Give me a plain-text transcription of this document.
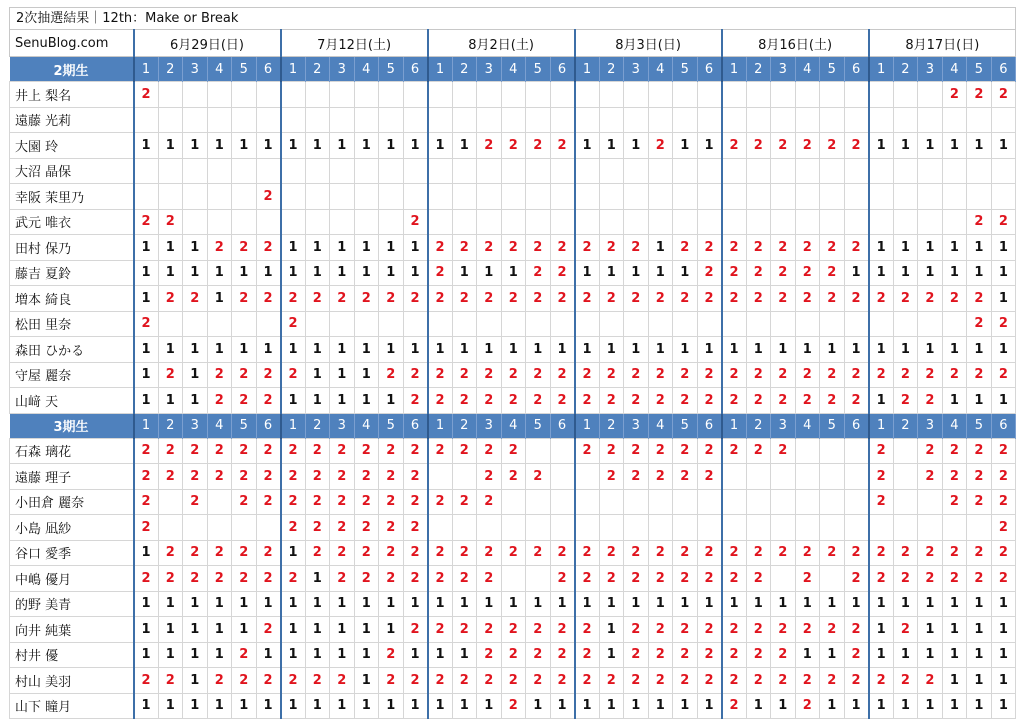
2次抽選結果｜12th：Make or Break
SenuBlog.com	6月29日(日)						7月12日(土)						8月2日(土)						8月3日(日)						8月16日(土)						8月17日(日)					
2期生	1	2	3	4	5	6	1	2	3	4	5	6	1	2	3	4	5	6	1	2	3	4	5	6	1	2	3	4	5	6	1	2	3	4	5	6
井上 梨名	2																																	2	2	2
遠藤 光莉																																				
大園 玲	1	1	1	1	1	1	1	1	1	1	1	1	1	1	2	2	2	2	1	1	1	2	1	1	2	2	2	2	2	2	1	1	1	1	1	1
大沼 晶保																																				
幸阪 茉里乃						2																														
武元 唯衣	2	2										2																							2	2
田村 保乃	1	1	1	2	2	2	1	1	1	1	1	1	2	2	2	2	2	2	2	2	2	1	2	2	2	2	2	2	2	2	1	1	1	1	1	1
藤吉 夏鈴	1	1	1	1	1	1	1	1	1	1	1	1	2	1	1	1	2	2	1	1	1	1	1	2	2	2	2	2	2	1	1	1	1	1	1	1
増本 綺良	1	2	2	1	2	2	2	2	2	2	2	2	2	2	2	2	2	2	2	2	2	2	2	2	2	2	2	2	2	2	2	2	2	2	2	1
松田 里奈	2						2																												2	2
森田 ひかる	1	1	1	1	1	1	1	1	1	1	1	1	1	1	1	1	1	1	1	1	1	1	1	1	1	1	1	1	1	1	1	1	1	1	1	1
守屋 麗奈	1	2	1	2	2	2	2	1	1	1	2	2	2	2	2	2	2	2	2	2	2	2	2	2	2	2	2	2	2	2	2	2	2	2	2	2
山﨑 天	1	1	1	2	2	2	1	1	1	1	1	2	2	2	2	2	2	2	2	2	2	2	2	2	2	2	2	2	2	2	1	2	2	1	1	1
3期生	1	2	3	4	5	6	1	2	3	4	5	6	1	2	3	4	5	6	1	2	3	4	5	6	1	2	3	4	5	6	1	2	3	4	5	6
石森 璃花	2	2	2	2	2	2	2	2	2	2	2	2	2	2	2	2			2	2	2	2	2	2	2	2	2				2		2	2	2	2
遠藤 理子	2	2	2	2	2	2	2	2	2	2	2	2			2	2	2			2	2	2	2	2							2		2	2	2	2
小田倉 麗奈	2		2		2	2	2	2	2	2	2	2	2	2	2																2			2	2	2
小島 凪紗	2						2	2	2	2	2	2																								2
谷口 愛季	1	2	2	2	2	2	1	2	2	2	2	2	2	2	2	2	2	2	2	2	2	2	2	2	2	2	2	2	2	2	2	2	2	2	2	2
中嶋 優月	2	2	2	2	2	2	2	1	2	2	2	2	2	2	2			2	2	2	2	2	2	2	2	2		2		2	2	2	2	2	2	2
的野 美青	1	1	1	1	1	1	1	1	1	1	1	1	1	1	1	1	1	1	1	1	1	1	1	1	1	1	1	1	1	1	1	1	1	1	1	1
向井 純葉	1	1	1	1	1	2	1	1	1	1	1	2	2	2	2	2	2	2	2	1	2	2	2	2	2	2	2	2	2	2	1	2	1	1	1	1
村井 優	1	1	1	1	2	1	1	1	1	1	2	1	1	1	2	2	2	2	2	1	2	2	2	2	2	2	2	1	1	2	1	1	1	1	1	1
村山 美羽	2	2	1	2	2	2	2	2	2	1	2	2	2	2	2	2	2	2	2	2	2	2	2	2	2	2	2	2	2	2	2	2	2	1	1	1
山下 瞳月	1	1	1	1	1	1	1	1	1	1	1	1	1	1	1	2	1	1	1	1	1	1	1	1	2	1	1	2	1	1	1	1	1	1	1	1
